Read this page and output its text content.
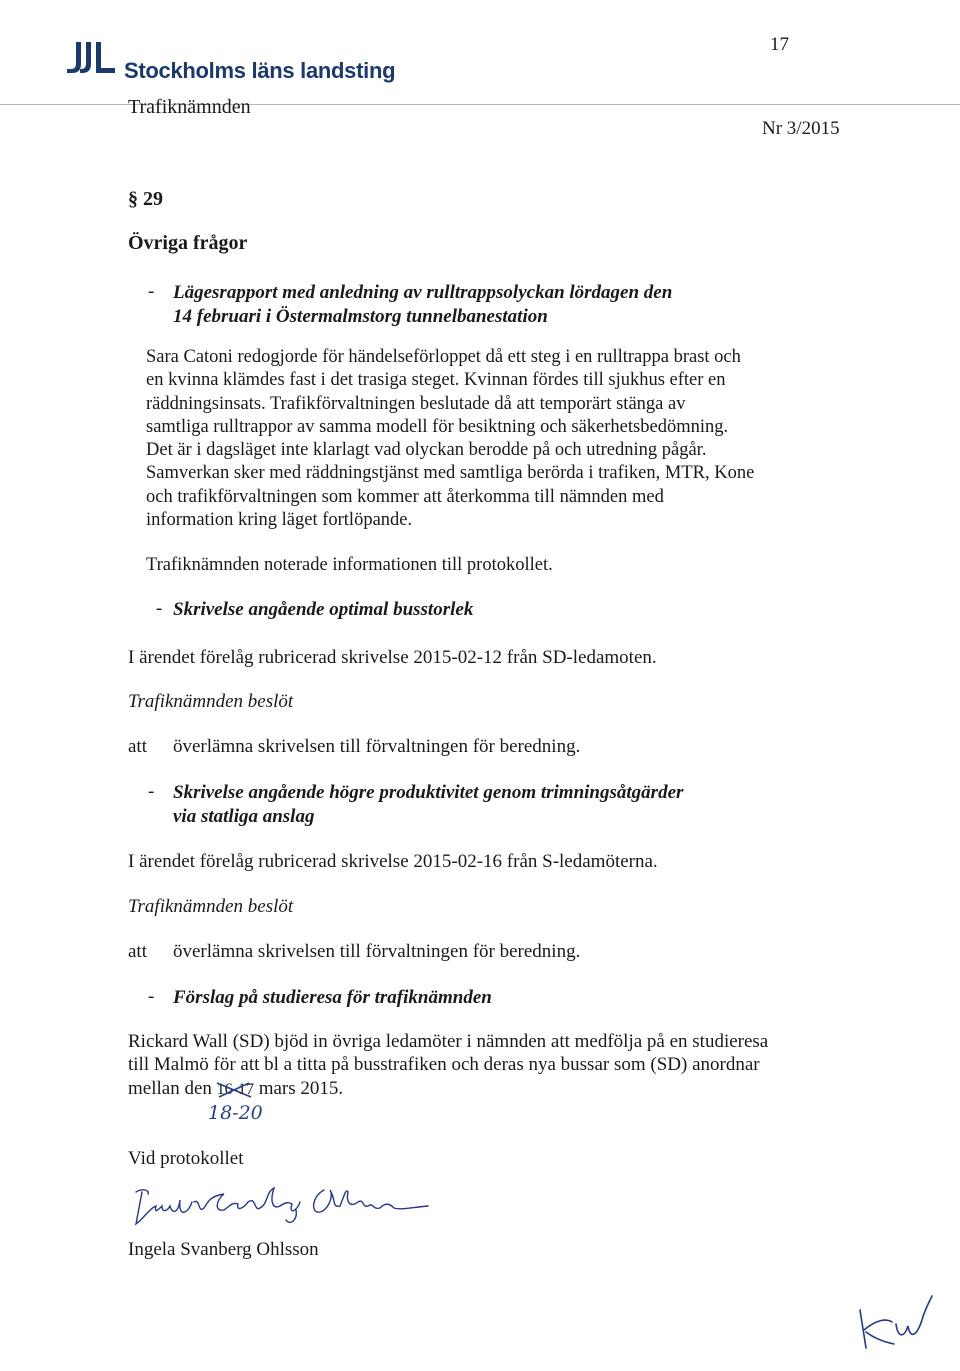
Stockholms läns landsting
17
Trafiknämnden
Nr 3/2015
§ 29
Övriga frågor
- Lägesrapport med anledning av rulltrappsolyckan lördagen den
14 februari i Östermalmstorg tunnelbanestation

Sara Catoni redogjorde för händelseförloppet då ett steg i en rulltrappa brast och

en kvinna klämdes fast i det trasiga steget. Kvinnan fördes till sjukhus efter en

räddningsinsats. Trafikförvaltningen beslutade då att temporärt stänga av

samtliga rulltrappor av samma modell för besiktning och säkerhetsbedömning.

Det är i dagsläget inte klarlagt vad olyckan berodde på och utredning pågår.

Samverkan sker med räddningstjänst med samtliga berörda i trafiken, MTR, Kone

och trafikförvaltningen som kommer att återkomma till nämnden med

information kring läget fortlöpande.

Trafiknämnden noterade informationen till protokollet.
- Skrivelse angående optimal busstorlek
I ärendet förelåg rubricerad skrivelse 2015-02-12 från SD-ledamoten.
Trafiknämnden beslöt
att överlämna skrivelsen till förvaltningen för beredning.
- Skrivelse angående högre produktivitet genom trimningsåtgärder
via statliga anslag
I ärendet förelåg rubricerad skrivelse 2015-02-16 från S-ledamöterna.
Trafiknämnden beslöt
att överlämna skrivelsen till förvaltningen för beredning.
- Förslag på studieresa för trafiknämnden

Rickard Wall (SD) bjöd in övriga ledamöter i nämnden att medfölja på en studieresa

till Malmö för att bl a titta på busstrafiken och deras nya bussar som (SD) anordnar

mellan den 16-17 mars 2015.

18-20
Vid protokollet
Ingela Svanberg Ohlsson
